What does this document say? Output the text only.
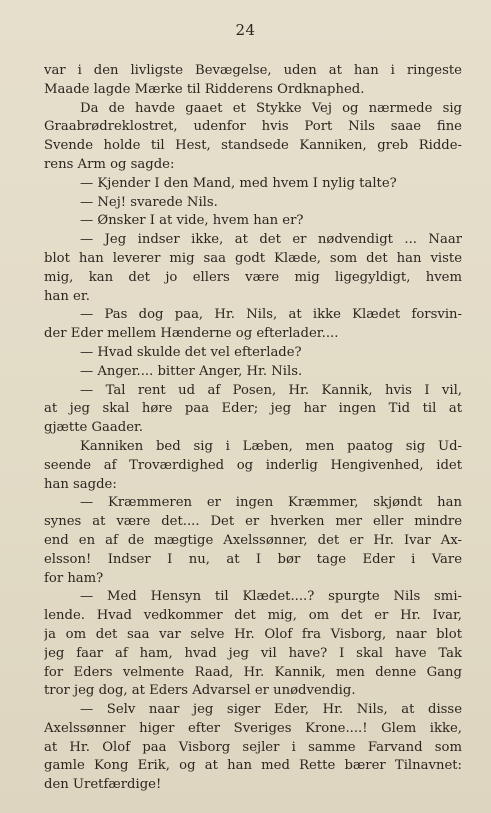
24
var i den livligste Bevægelse, uden at han i ringeste
Maade lagde Mærke til Ridderens Ordknaphed.
Da de havde gaaet et Stykke Vej og nærmede sig
Graabrødreklostret, udenfor hvis Port Nils saae fine
Svende holde til Hest, standsede Kanniken, greb Ridde-
rens Arm og sagde:
— Kjender I den Mand, med hvem I nylig talte?
— Nej! svarede Nils.
— Ønsker I at vide, hvem han er?
— Jeg indser ikke, at det er nødvendigt ... Naar
blot han leverer mig saa godt Klæde, som det han viste
mig, kan det jo ellers være mig ligegyldigt, hvem
han er.
— Pas dog paa, Hr. Nils, at ikke Klædet forsvin-
der Eder mellem Hænderne og efterlader....
— Hvad skulde det vel efterlade?
— Anger.... bitter Anger, Hr. Nils.
— Tal rent ud af Posen, Hr. Kannik, hvis I vil,
at jeg skal høre paa Eder; jeg har ingen Tid til at
gjætte Gaader.
Kanniken bed sig i Læben, men paatog sig Ud-
seende af Troværdighed og inderlig Hengivenhed, idet
han sagde:
— Kræmmeren er ingen Kræmmer, skjøndt han
synes at være det.... Det er hverken mer eller mindre
end en af de mægtige Axelssønner, det er Hr. Ivar Ax-
elsson! Indser I nu, at I bør tage Eder i Vare
for ham?
— Med Hensyn til Klædet....? spurgte Nils smi-
lende. Hvad vedkommer det mig, om det er Hr. Ivar,
ja om det saa var selve Hr. Olof fra Visborg, naar blot
jeg faar af ham, hvad jeg vil have? I skal have Tak
for Eders velmente Raad, Hr. Kannik, men denne Gang
tror jeg dog, at Eders Advarsel er unødvendig.
— Selv naar jeg siger Eder, Hr. Nils, at disse
Axelssønner higer efter Sveriges Krone....! Glem ikke,
at Hr. Olof paa Visborg sejler i samme Farvand som
gamle Kong Erik, og at han med Rette bærer Tilnavnet:
den Uretfærdige!
